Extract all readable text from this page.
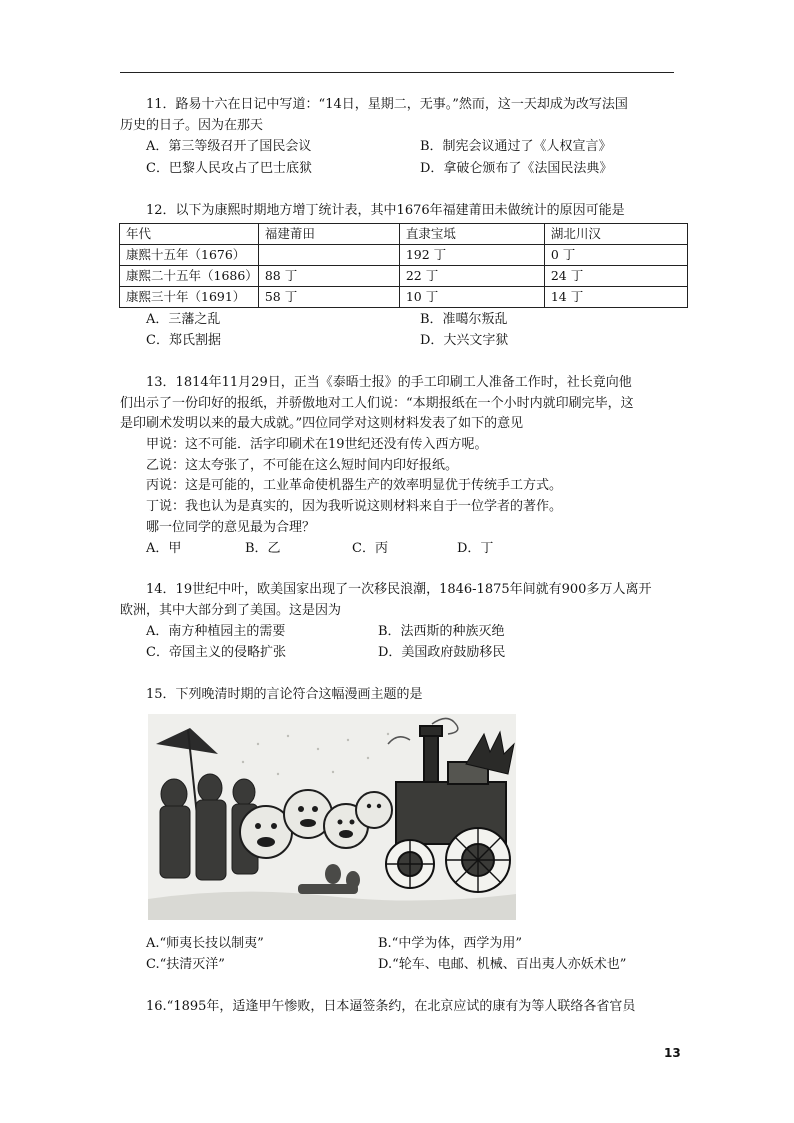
11．路易十六在日记中写道：“14日，星期二，无事。”然而，这一天却成为改写法国
历史的日子。因为在那天
A．第三等级召开了国民会议	B．制宪会议通过了《人权宣言》
C．巴黎人民攻占了巴士底狱	D．拿破仑颁布了《法国民法典》
12．以下为康熙时期地方增丁统计表，其中1676年福建莆田未做统计的原因可能是
年代	福建莆田	直隶宝坻	湖北川汉
康熙十五年（1676）		192 丁	0 丁
康熙二十五年（1686）	88 丁	22 丁	24 丁
康熙三十年（1691）	58 丁	10 丁	14 丁
A．三藩之乱	B．准噶尔叛乱
C．郑氏割据	D．大兴文字狱
13．1814年11月29日，正当《泰晤士报》的手工印刷工人准备工作时，社长竟向他
们出示了一份印好的报纸，并骄傲地对工人们说：“本期报纸在一个小时内就印刷完毕，这
是印刷术发明以来的最大成就。”四位同学对这则材料发表了如下的意见
甲说：这不可能．活字印刷术在19世纪还没有传入西方呢。
乙说：这太夸张了，不可能在这么短时间内印好报纸。
丙说：这是可能的，工业革命使机器生产的效率明显优于传统手工方式。
丁说：我也认为是真实的，因为我听说这则材料来自于一位学者的著作。
哪一位同学的意见最为合理？
A．甲	B．乙	C．丙	D．丁
14．19世纪中叶，欧美国家出现了一次移民浪潮，1846-1875年间就有900多万人离开
欧洲，其中大部分到了美国。这是因为
A．南方种植园主的需要	B．法西斯的种族灭绝
C．帝国主义的侵略扩张	D．美国政府鼓励移民
15．下列晚清时期的言论符合这幅漫画主题的是
A.“师夷长技以制夷”	B.“中学为体，西学为用”
C.“扶清灭洋”	D.“轮车、电邮、机械、百出夷人亦妖术也”
16.“1895年，适逢甲午惨败，日本逼签条约，在北京应试的康有为等人联络各省官员
13
